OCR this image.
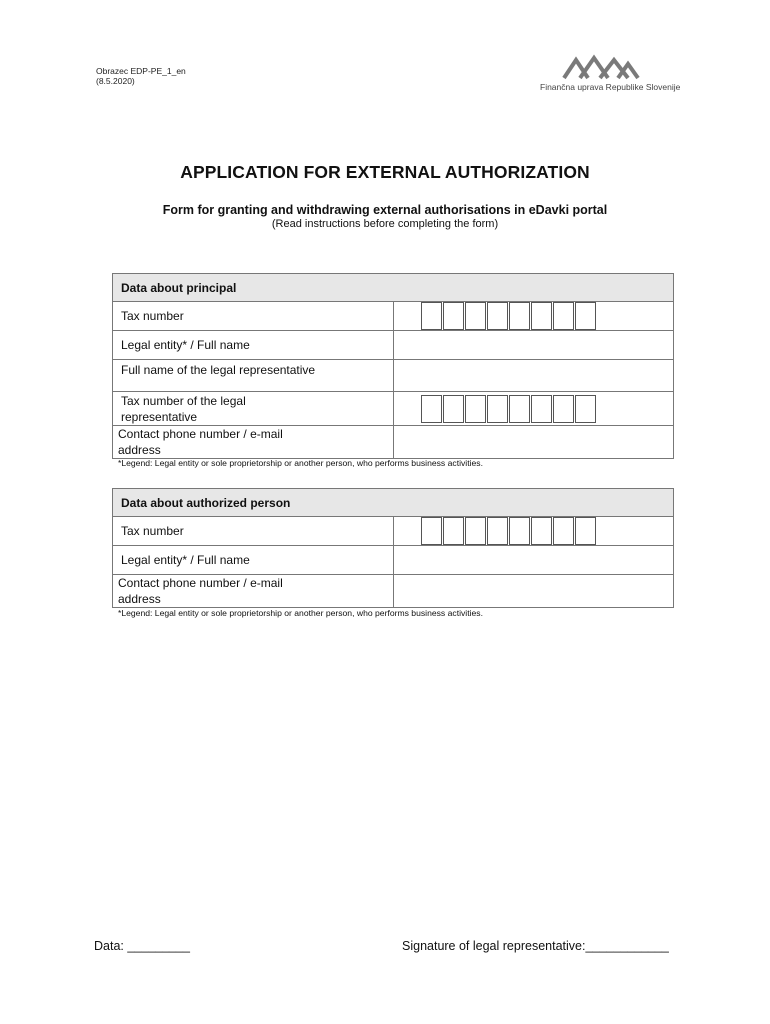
Obrazec EDP-PE_1_en
(8.5.2020)
Finančna uprava Republike Slovenije
APPLICATION FOR EXTERNAL AUTHORIZATION
Form for granting and withdrawing external authorisations in eDavki portal
(Read instructions before completing the form)
Data about principal	

Tax number	

Legal entity* / Full name	

Full name of the legal representative	

Tax number of the legal
representative	

Contact phone number / e-mail
address	

*Legend: Legal entity or sole proprietorship or another person, who performs business activities.
Data about authorized person	

Tax number	

Legal entity* / Full name	

Contact phone number / e-mail
address	

*Legend: Legal entity or sole proprietorship or another person, who performs business activities.
Data: _________	Signature of legal representative:____________
